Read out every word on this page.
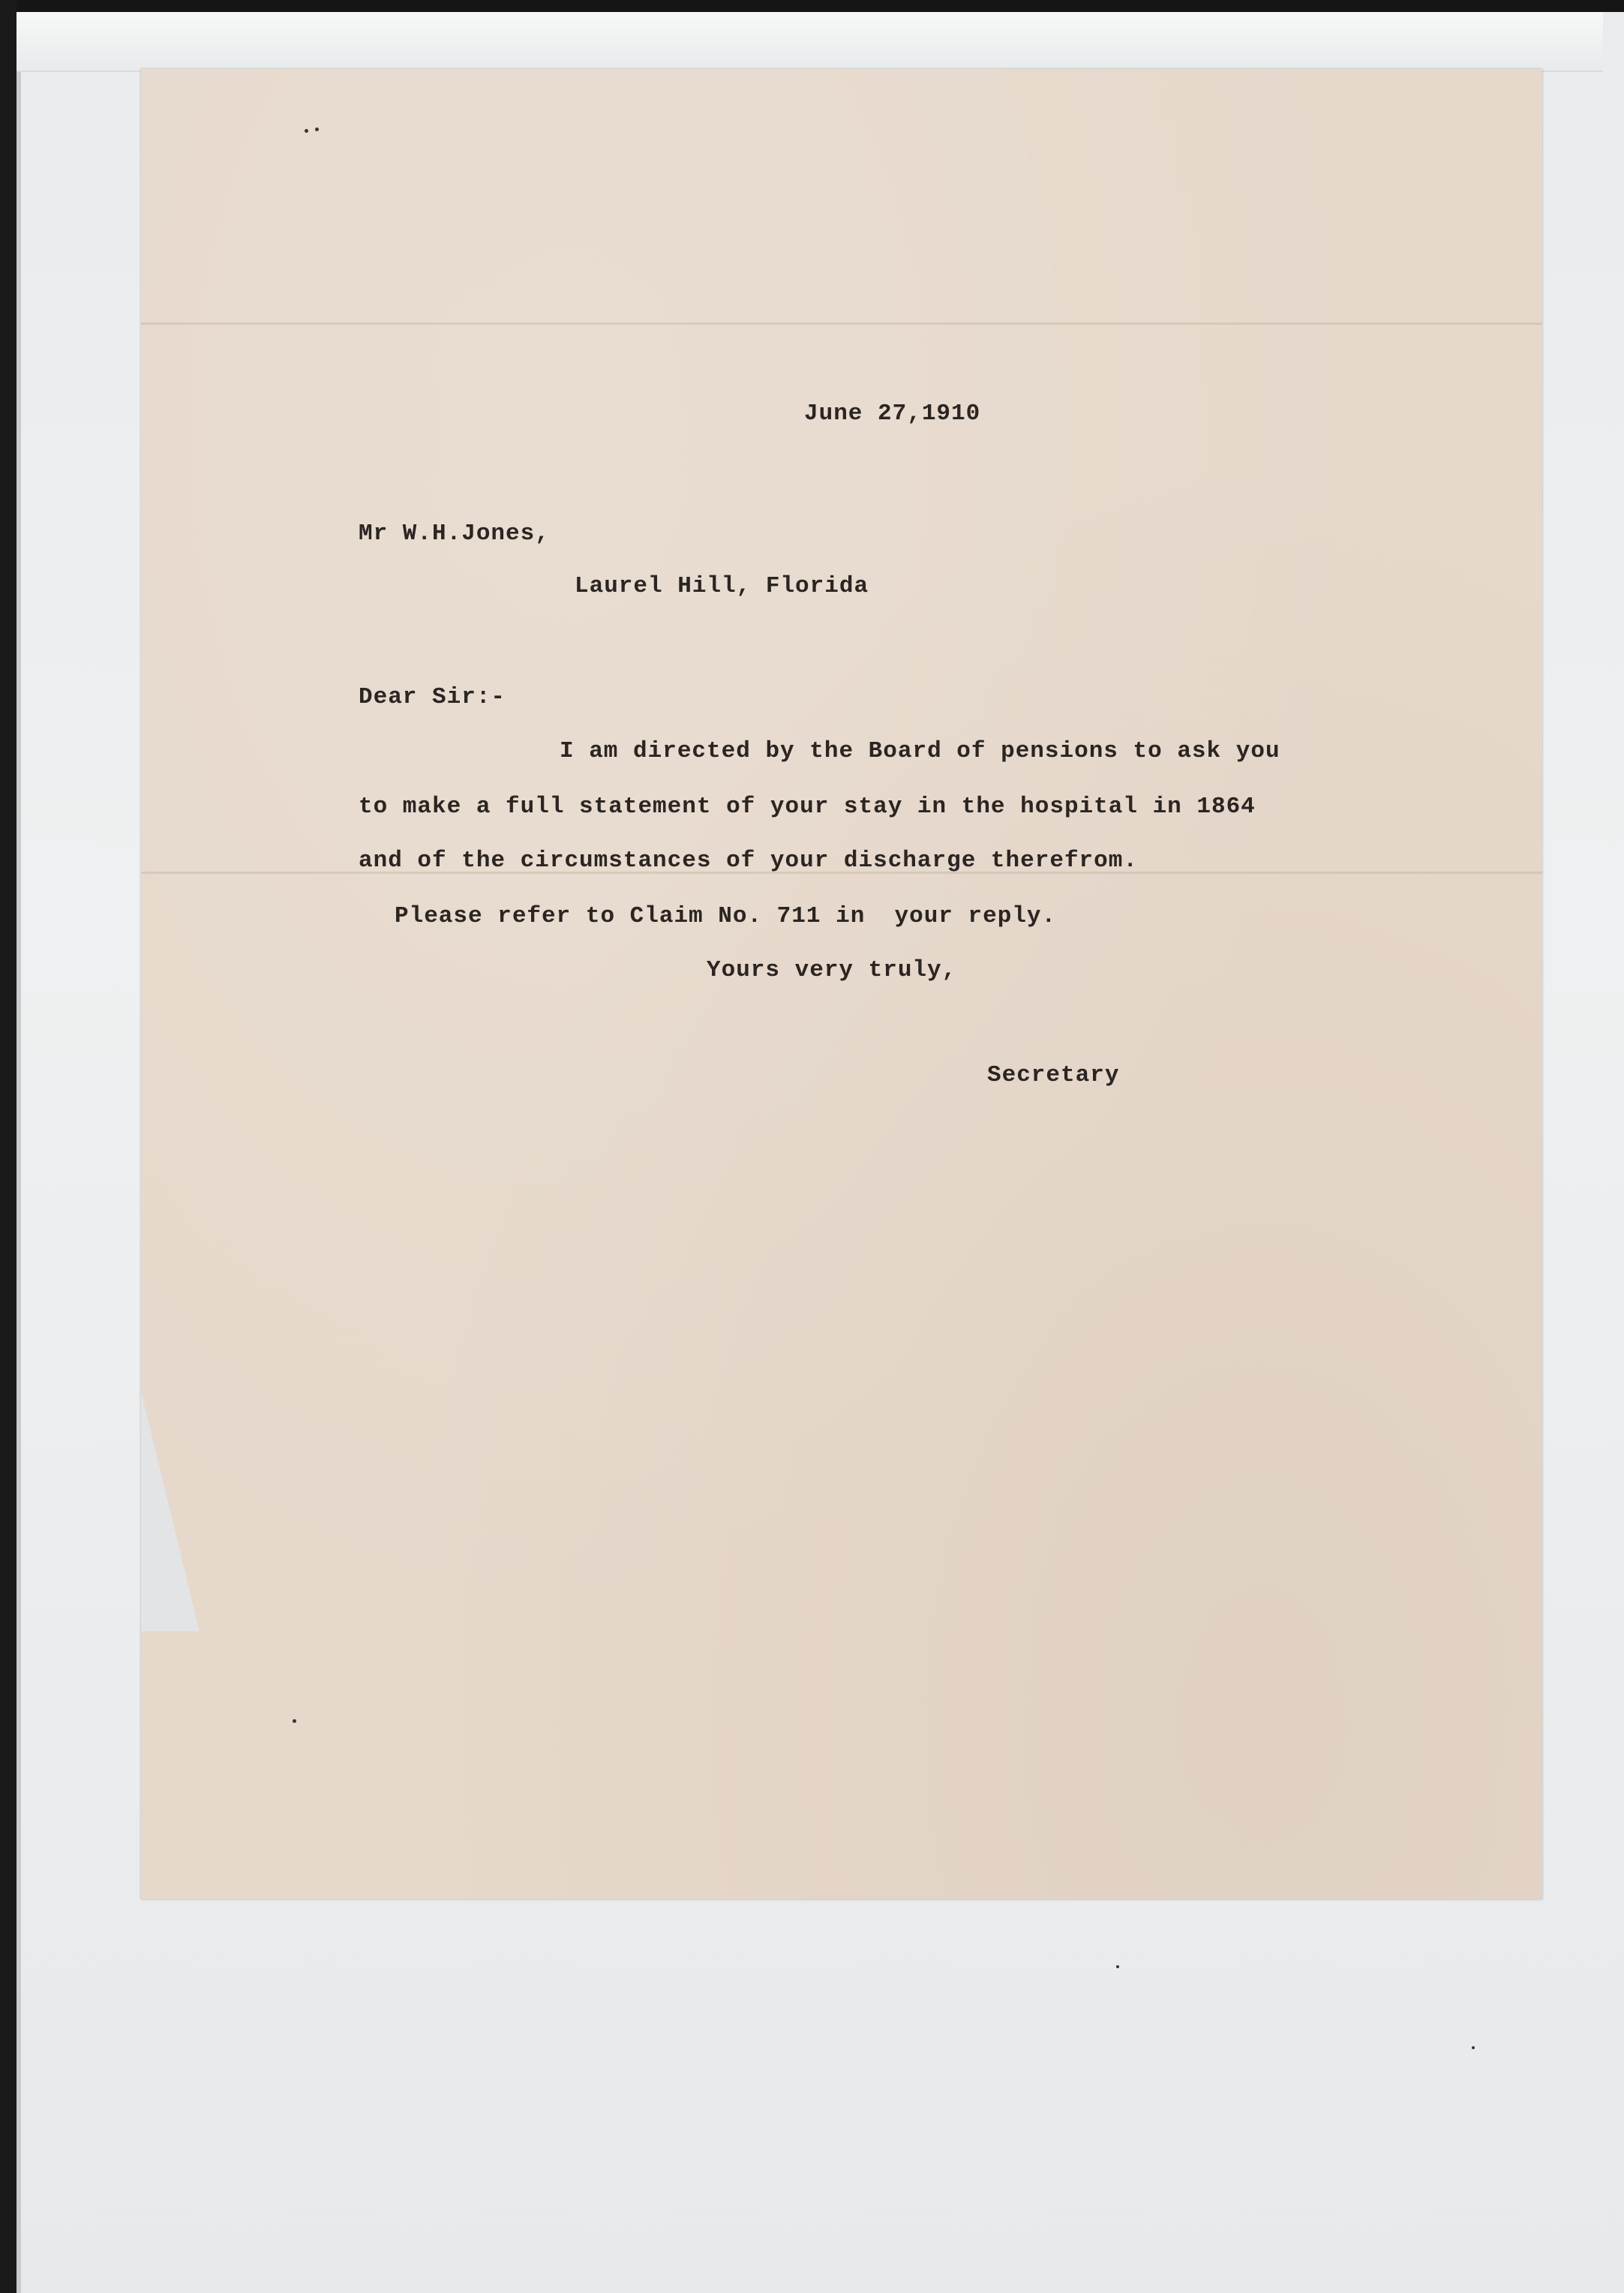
June 27,1910

Mr W.H.Jones,

Laurel Hill, Florida

Dear Sir:-

I am directed by the Board of pensions to ask you

to make a full statement of your stay in the hospital in 1864

and of the circumstances of your discharge therefrom.

Please refer to Claim No. 711 in  your reply.

Yours very truly,

Secretary
